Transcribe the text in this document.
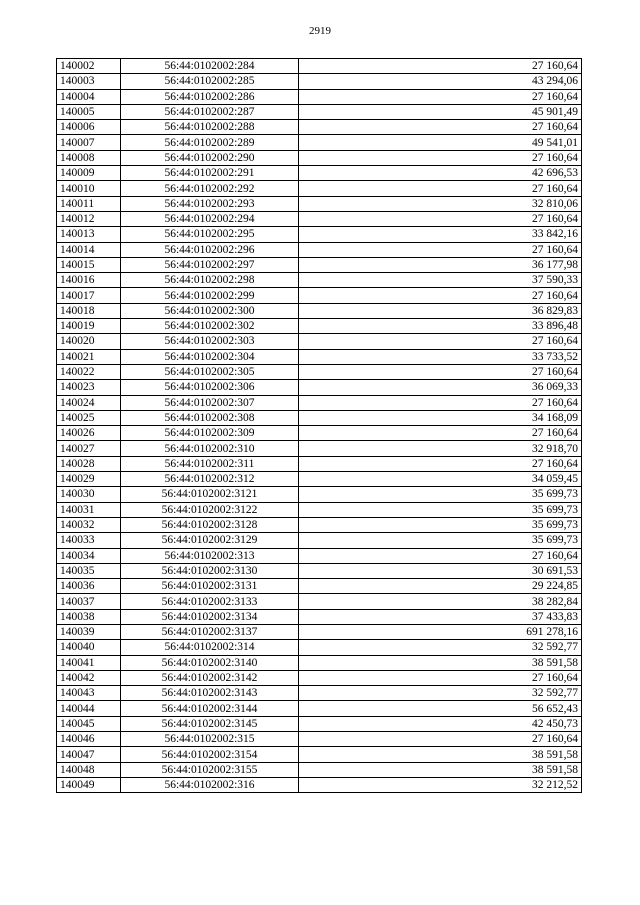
2919
140002	56:44:0102002:284	27 160,64
140003	56:44:0102002:285	43 294,06
140004	56:44:0102002:286	27 160,64
140005	56:44:0102002:287	45 901,49
140006	56:44:0102002:288	27 160,64
140007	56:44:0102002:289	49 541,01
140008	56:44:0102002:290	27 160,64
140009	56:44:0102002:291	42 696,53
140010	56:44:0102002:292	27 160,64
140011	56:44:0102002:293	32 810,06
140012	56:44:0102002:294	27 160,64
140013	56:44:0102002:295	33 842,16
140014	56:44:0102002:296	27 160,64
140015	56:44:0102002:297	36 177,98
140016	56:44:0102002:298	37 590,33
140017	56:44:0102002:299	27 160,64
140018	56:44:0102002:300	36 829,83
140019	56:44:0102002:302	33 896,48
140020	56:44:0102002:303	27 160,64
140021	56:44:0102002:304	33 733,52
140022	56:44:0102002:305	27 160,64
140023	56:44:0102002:306	36 069,33
140024	56:44:0102002:307	27 160,64
140025	56:44:0102002:308	34 168,09
140026	56:44:0102002:309	27 160,64
140027	56:44:0102002:310	32 918,70
140028	56:44:0102002:311	27 160,64
140029	56:44:0102002:312	34 059,45
140030	56:44:0102002:3121	35 699,73
140031	56:44:0102002:3122	35 699,73
140032	56:44:0102002:3128	35 699,73
140033	56:44:0102002:3129	35 699,73
140034	56:44:0102002:313	27 160,64
140035	56:44:0102002:3130	30 691,53
140036	56:44:0102002:3131	29 224,85
140037	56:44:0102002:3133	38 282,84
140038	56:44:0102002:3134	37 433,83
140039	56:44:0102002:3137	691 278,16
140040	56:44:0102002:314	32 592,77
140041	56:44:0102002:3140	38 591,58
140042	56:44:0102002:3142	27 160,64
140043	56:44:0102002:3143	32 592,77
140044	56:44:0102002:3144	56 652,43
140045	56:44:0102002:3145	42 450,73
140046	56:44:0102002:315	27 160,64
140047	56:44:0102002:3154	38 591,58
140048	56:44:0102002:3155	38 591,58
140049	56:44:0102002:316	32 212,52
